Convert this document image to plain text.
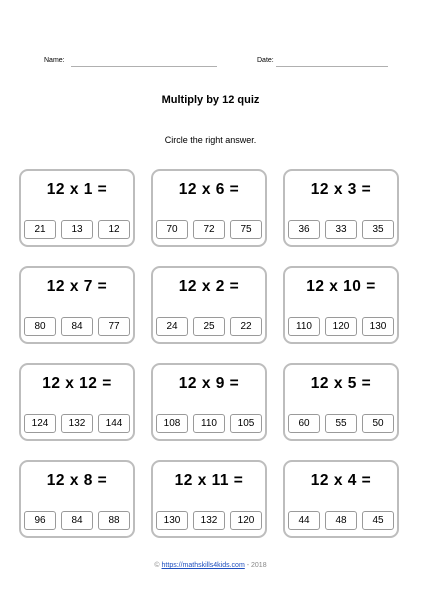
Name:	Date:
Multiply by 12 quiz
Circle the right answer.
12 x 1 =
21	13	12
12 x 6 =
70	72	75
12 x 3 =
36	33	35
12 x 7 =
80	84	77
12 x 2 =
24	25	22
12 x 10 =
110	120	130
12 x 12 =
124	132	144
12 x 9 =
108	110	105
12 x 5 =
60	55	50
12 x 8 =
96	84	88
12 x 11 =
130	132	120
12 x 4 =
44	48	45
© https://mathskills4kids.com - 2018
